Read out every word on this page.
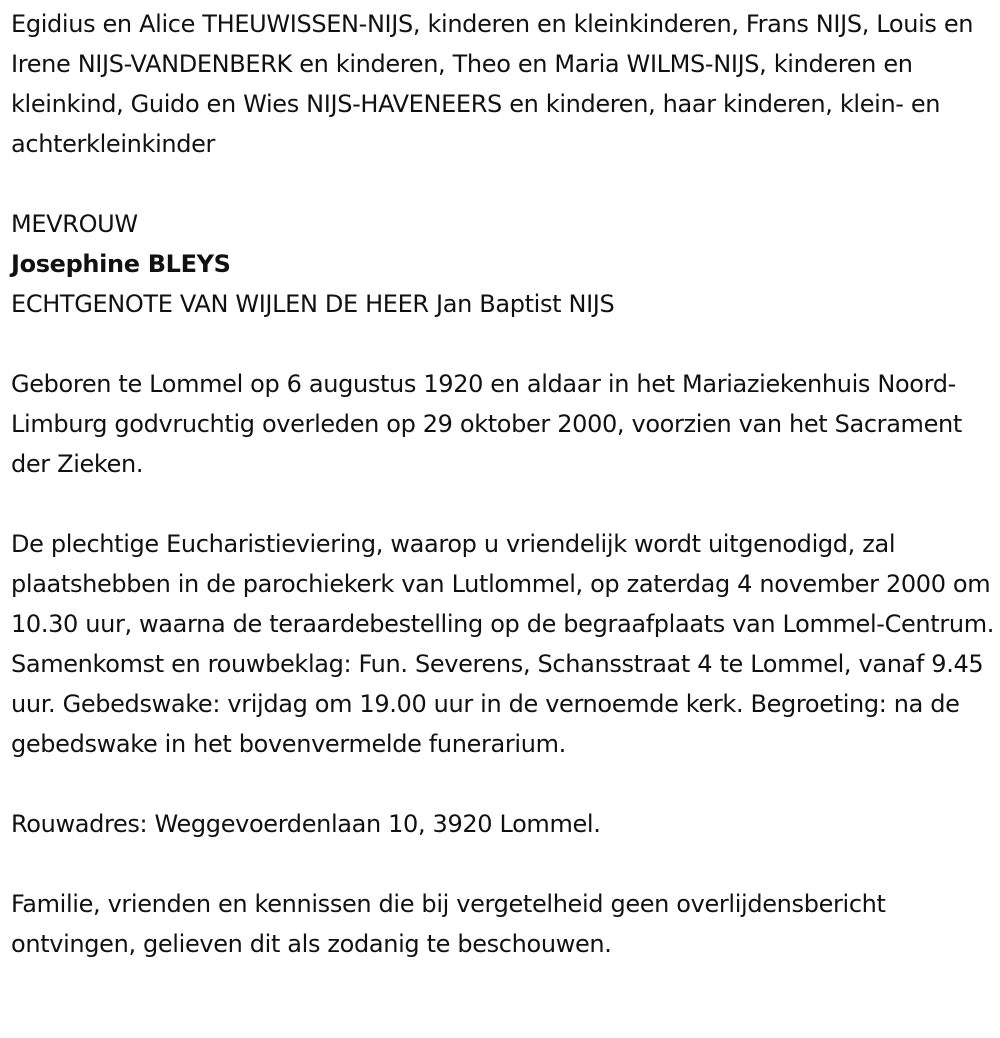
Egidius en Alice THEUWISSEN-NIJS, kinderen en kleinkinderen, Frans NIJS, Louis en Irene NIJS-VANDENBERK en kinderen, Theo en Maria WILMS-NIJS, kinderen en kleinkind, Guido en Wies NIJS-HAVENEERS en kinderen, haar kinderen, klein- en achterkleinkinder

MEVROUW

Josephine BLEYS

ECHTGENOTE VAN WIJLEN DE HEER Jan Baptist NIJS

Geboren te Lommel op 6 augustus 1920 en aldaar in het Mariaziekenhuis Noord-Limburg godvruchtig overleden op 29 oktober 2000, voorzien van het Sacrament der Zieken.

De plechtige Eucharistieviering, waarop u vriendelijk wordt uitgenodigd, zal plaatshebben in de parochiekerk van Lutlommel, op zaterdag 4 november 2000 om 10.30 uur, waarna de teraardebestelling op de begraafplaats van Lommel-Centrum. Samenkomst en rouwbeklag: Fun. Severens, Schansstraat 4 te Lommel, vanaf 9.45 uur. Gebedswake: vrijdag om 19.00 uur in de vernoemde kerk. Begroeting: na de gebedswake in het bovenvermelde funerarium.

Rouwadres: Weggevoerdenlaan 10, 3920 Lommel.

Familie, vrienden en kennissen die bij vergetelheid geen overlijdensbericht ontvingen, gelieven dit als zodanig te beschouwen.
